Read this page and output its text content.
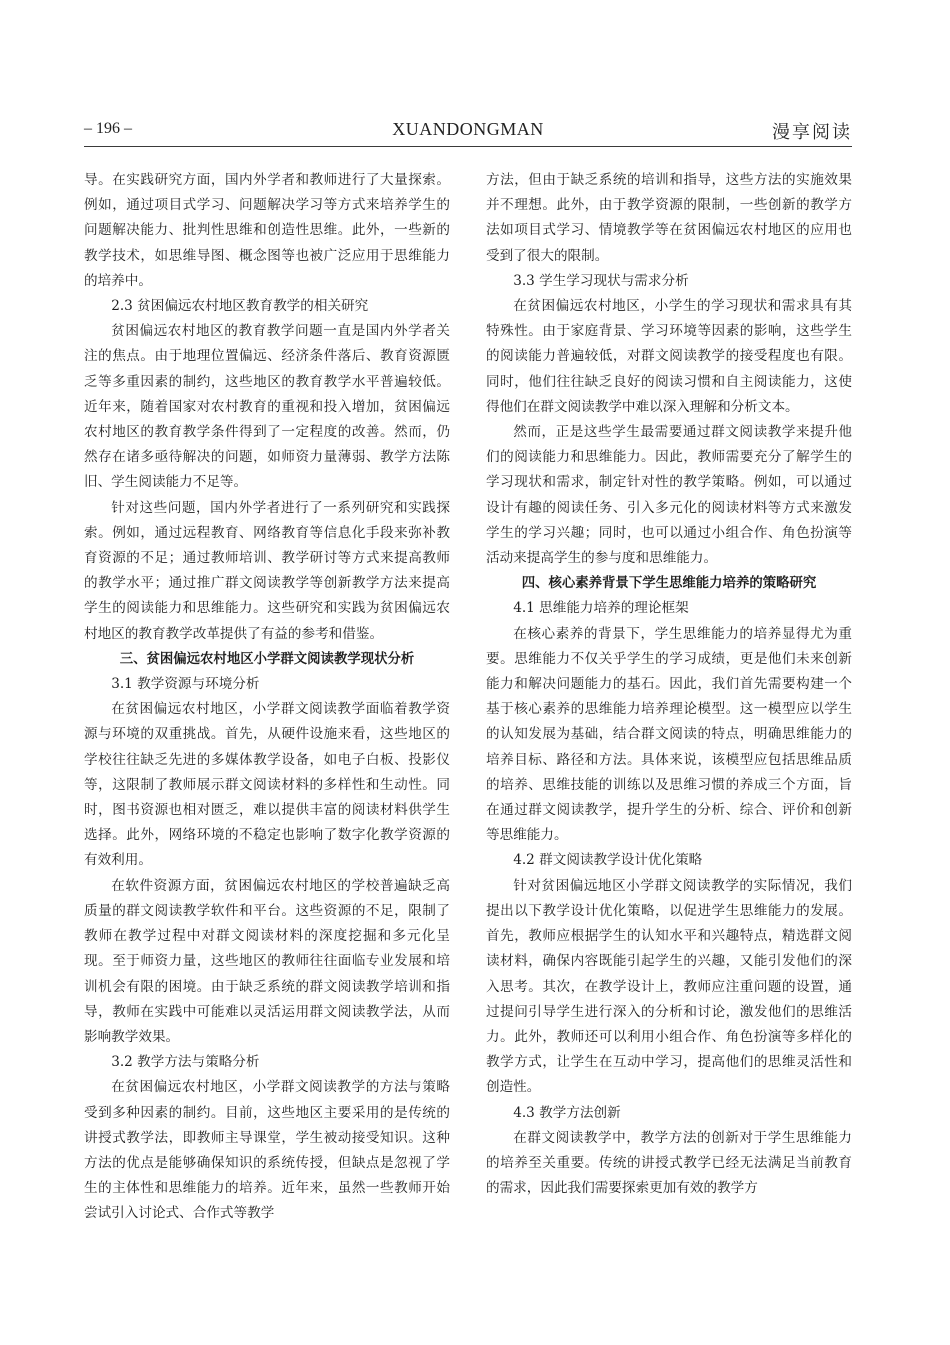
– 196 –	XUANDONGMAN	漫享阅读

导。在实践研究方面，国内外学者和教师进行了大量探索。例如，通过项目式学习、问题解决学习等方式来培养学生的问题解决能力、批判性思维和创造性思维。此外，一些新的教学技术，如思维导图、概念图等也被广泛应用于思维能力的培养中。

2.3 贫困偏远农村地区教育教学的相关研究

贫困偏远农村地区的教育教学问题一直是国内外学者关注的焦点。由于地理位置偏远、经济条件落后、教育资源匮乏等多重因素的制约，这些地区的教育教学水平普遍较低。近年来，随着国家对农村教育的重视和投入增加，贫困偏远农村地区的教育教学条件得到了一定程度的改善。然而，仍然存在诸多亟待解决的问题，如师资力量薄弱、教学方法陈旧、学生阅读能力不足等。

针对这些问题，国内外学者进行了一系列研究和实践探索。例如，通过远程教育、网络教育等信息化手段来弥补教育资源的不足；通过教师培训、教学研讨等方式来提高教师的教学水平；通过推广群文阅读教学等创新教学方法来提高学生的阅读能力和思维能力。这些研究和实践为贫困偏远农村地区的教育教学改革提供了有益的参考和借鉴。

三、贫困偏远农村地区小学群文阅读教学现状分析

3.1 教学资源与环境分析

在贫困偏远农村地区，小学群文阅读教学面临着教学资源与环境的双重挑战。首先，从硬件设施来看，这些地区的学校往往缺乏先进的多媒体教学设备，如电子白板、投影仪等，这限制了教师展示群文阅读材料的多样性和生动性。同时，图书资源也相对匮乏，难以提供丰富的阅读材料供学生选择。此外，网络环境的不稳定也影响了数字化教学资源的有效利用。

在软件资源方面，贫困偏远农村地区的学校普遍缺乏高质量的群文阅读教学软件和平台。这些资源的不足，限制了教师在教学过程中对群文阅读材料的深度挖掘和多元化呈现。至于师资力量，这些地区的教师往往面临专业发展和培训机会有限的困境。由于缺乏系统的群文阅读教学培训和指导，教师在实践中可能难以灵活运用群文阅读教学法，从而影响教学效果。

3.2 教学方法与策略分析

在贫困偏远农村地区，小学群文阅读教学的方法与策略受到多种因素的制约。目前，这些地区主要采用的是传统的讲授式教学法，即教师主导课堂，学生被动接受知识。这种方法的优点是能够确保知识的系统传授，但缺点是忽视了学生的主体性和思维能力的培养。近年来，虽然一些教师开始尝试引入讨论式、合作式等教学

方法，但由于缺乏系统的培训和指导，这些方法的实施效果并不理想。此外，由于教学资源的限制，一些创新的教学方法如项目式学习、情境教学等在贫困偏远农村地区的应用也受到了很大的限制。

3.3 学生学习现状与需求分析

在贫困偏远农村地区，小学生的学习现状和需求具有其特殊性。由于家庭背景、学习环境等因素的影响，这些学生的阅读能力普遍较低，对群文阅读教学的接受程度也有限。同时，他们往往缺乏良好的阅读习惯和自主阅读能力，这使得他们在群文阅读教学中难以深入理解和分析文本。

然而，正是这些学生最需要通过群文阅读教学来提升他们的阅读能力和思维能力。因此，教师需要充分了解学生的学习现状和需求，制定针对性的教学策略。例如，可以通过设计有趣的阅读任务、引入多元化的阅读材料等方式来激发学生的学习兴趣；同时，也可以通过小组合作、角色扮演等活动来提高学生的参与度和思维能力。

四、核心素养背景下学生思维能力培养的策略研究

4.1 思维能力培养的理论框架

在核心素养的背景下，学生思维能力的培养显得尤为重要。思维能力不仅关乎学生的学习成绩，更是他们未来创新能力和解决问题能力的基石。因此，我们首先需要构建一个基于核心素养的思维能力培养理论模型。这一模型应以学生的认知发展为基础，结合群文阅读的特点，明确思维能力的培养目标、路径和方法。具体来说，该模型应包括思维品质的培养、思维技能的训练以及思维习惯的养成三个方面，旨在通过群文阅读教学，提升学生的分析、综合、评价和创新等思维能力。

4.2 群文阅读教学设计优化策略

针对贫困偏远地区小学群文阅读教学的实际情况，我们提出以下教学设计优化策略，以促进学生思维能力的发展。首先，教师应根据学生的认知水平和兴趣特点，精选群文阅读材料，确保内容既能引起学生的兴趣，又能引发他们的深入思考。其次，在教学设计上，教师应注重问题的设置，通过提问引导学生进行深入的分析和讨论，激发他们的思维活力。此外，教师还可以利用小组合作、角色扮演等多样化的教学方式，让学生在互动中学习，提高他们的思维灵活性和创造性。

4.3 教学方法创新

在群文阅读教学中，教学方法的创新对于学生思维能力的培养至关重要。传统的讲授式教学已经无法满足当前教育的需求，因此我们需要探索更加有效的教学方
